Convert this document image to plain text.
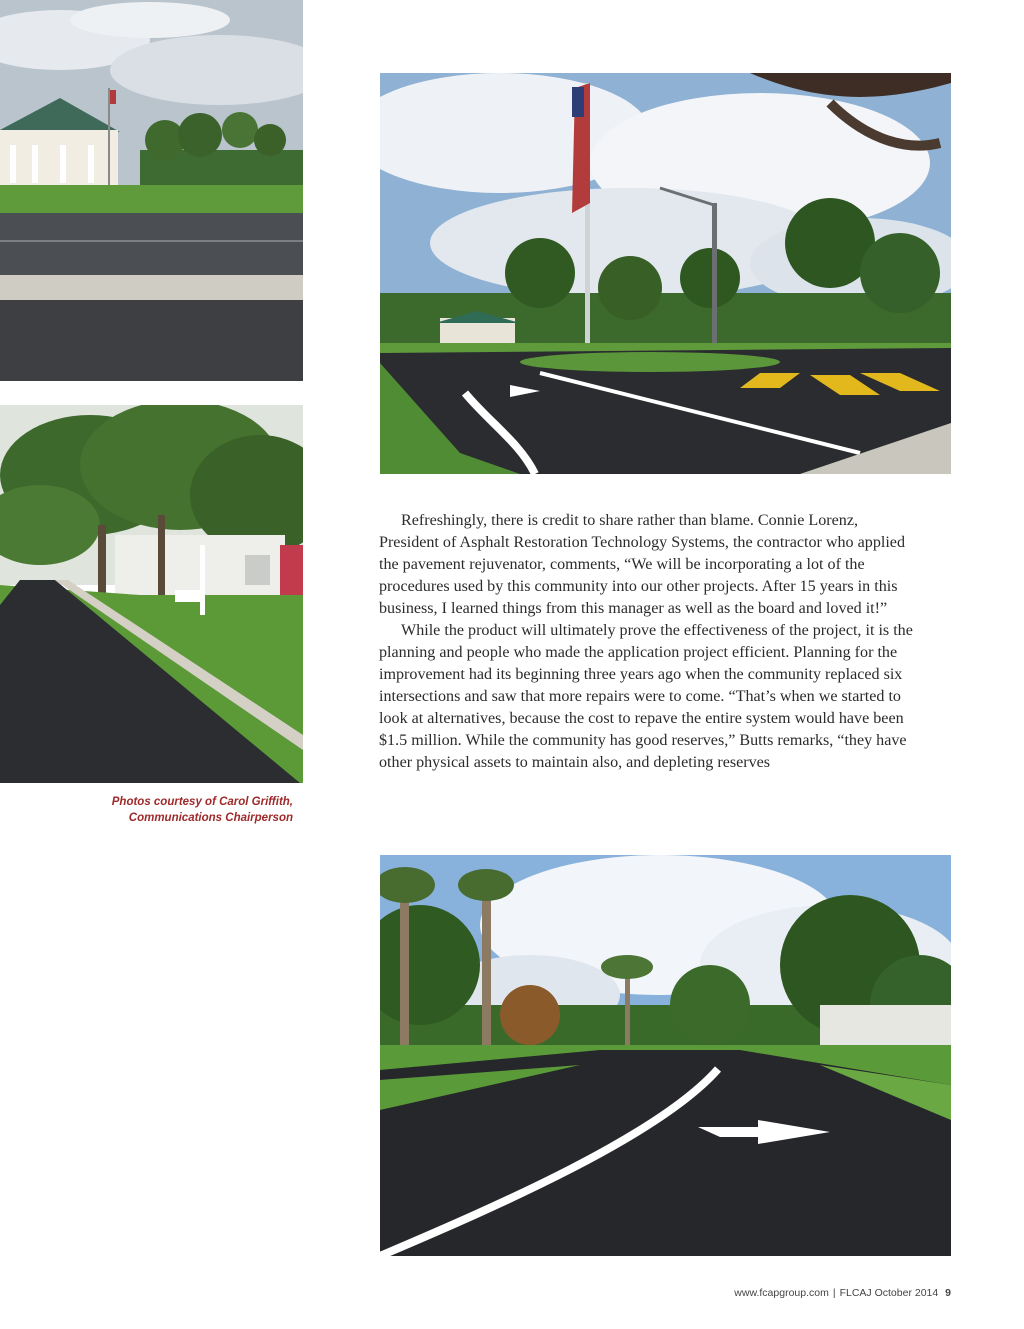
Photos courtesy of Carol Griffith,
Communications Chairperson

Refreshingly, there is credit to share rather than blame. Connie Lorenz, President of Asphalt Restoration Technology Systems, the contractor who applied the pavement rejuvenator, comments, “We will be incorporating a lot of the procedures used by this community into our other projects. After 15 years in this business, I learned things from this manager as well as the board and loved it!”

While the product will ultimately prove the effectiveness of the project, it is the planning and people who made the application project efficient. Planning for the improvement had its beginning three years ago when the community replaced six intersections and saw that more repairs were to come. “That’s when we started to look at alternatives, because the cost to repave the entire system would have been $1.5 million. While the community has good reserves,” Butts remarks, “they have other physical assets to maintain also, and depleting reserves

www.fcapgroup.com | FLCAJ October 2014 9
